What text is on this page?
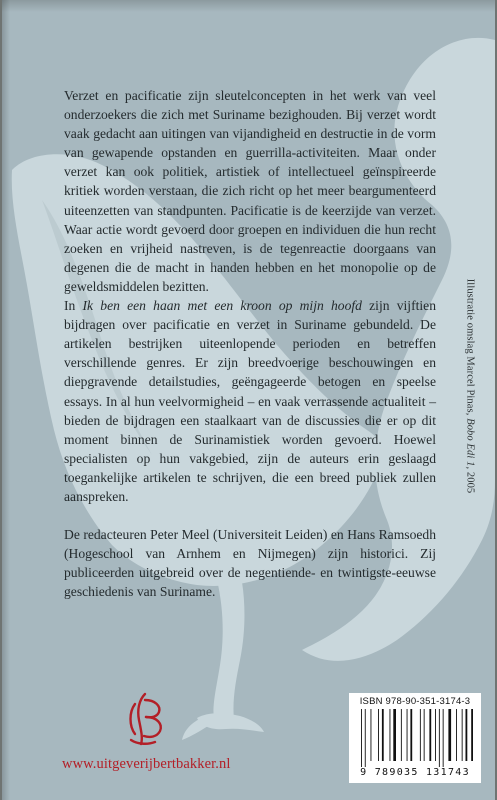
Verzet en pacificatie zijn sleutelconcepten in het werk van veel onderzoekers die zich met Suriname bezighouden. Bij verzet wordt vaak gedacht aan uitingen van vijandigheid en destructie in de vorm van gewapende opstanden en guerrilla-activiteiten. Maar onder verzet kan ook politiek, artistiek of intellectueel geïnspireerde kritiek worden verstaan, die zich richt op het meer beargumenteerd uiteenzetten van standpunten. Pacificatie is de keerzijde van verzet. Waar actie wordt gevoerd door groepen en individuen die hun recht zoeken en vrijheid nastreven, is de tegenreactie doorgaans van degenen die de macht in handen hebben en het monopolie op de geweldsmiddelen bezitten.

In Ik ben een haan met een kroon op mijn hoofd zijn vijftien bijdragen over pacificatie en verzet in Suriname gebundeld. De artikelen bestrijken uiteenlopende perioden en betreffen verschillende genres. Er zijn breedvoerige beschouwingen en diepgravende detailstudies, geëngageerde betogen en speelse essays. In al hun veelvormigheid – en vaak verrassende actualiteit – bieden de bijdragen een staalkaart van de discussies die er op dit moment binnen de Surinamistiek worden gevoerd. Hoewel specialisten op hun vakgebied, zijn de auteurs erin geslaagd toegankelijke artikelen te schrijven, die een breed publiek zullen aanspreken.

De redacteuren Peter Meel (Universiteit Leiden) en Hans Ramsoedh (Hogeschool van Arnhem en Nijmegen) zijn historici. Zij publiceerden uitgebreid over de negentiende- en twintigste-eeuwse geschiedenis van Suriname.

Illustratie omslag Marcel Pinas, Bobo Edi 1, 2005
www.uitgeverijbertbakker.nl
ISBN 978-90-351-3174-3
9 789035 131743
